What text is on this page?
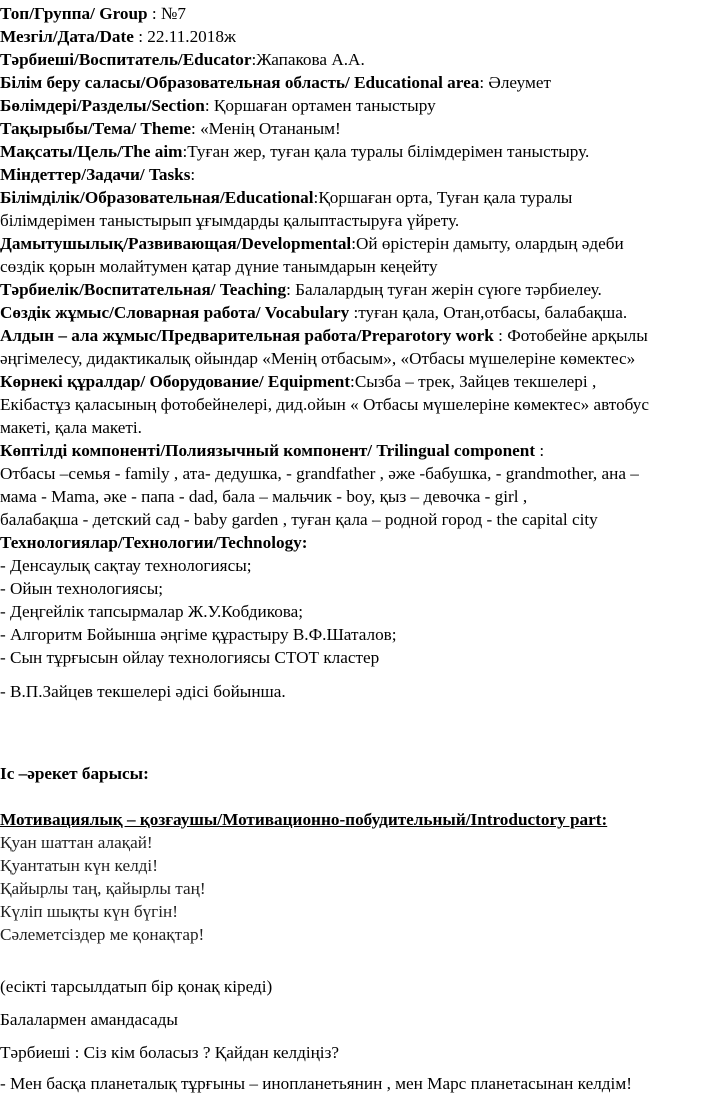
Топ/Группа/ Group : №7
Мезгіл/Дата/Date : 22.11.2018ж
Тәрбиеші/Воспитатель/Educator:Жапакова А.А.
Білім беру саласы/Образовательная область/ Educational area: Әлеумет
Бөлімдері/Разделы/Section: Қоршаған ортамен таныстыру
Тақырыбы/Тема/ Theme: «Менің Отананым!
Мақсаты/Цель/The aim:Туған жер, туған қала туралы білімдерімен таныстыру.
Міндеттер/Задачи/ Tasks:
Білімділік/Образовательная/Educational:Қоршаған орта, Туған қала туралы
білімдерімен таныстырып ұғымдарды қалыптастыруға үйрету.
Дамытушылық/Развивающая/Developmental:Ой өрістерін дамыту, олардың әдеби
сөздік қорын молайтумен қатар дүние танымдарын кеңейту
Тәрбиелік/Воспитательная/ Teaching: Балалардың туған жерін сүюге тәрбиелеу.
Сөздік жұмыс/Словарная работа/ Vocabulary :туған қала, Отан,отбасы, балабақша.
Алдын – ала жұмыс/Предварительная работа/Preparotory work : Фотобейне арқылы
әңгімелесу, дидактикалық ойындар «Менің отбасым», «Отбасы мүшелеріне көмектес»
Көрнекі құралдар/ Оборудование/ Equipment:Сызба – трек, Зайцев текшелері ,
Екібастұз қаласының фотобейнелері, дид.ойын « Отбасы мүшелеріне көмектес» автобус
макеті, қала макеті.
Көптілді компоненті/Полиязычный компонент/ Trilingual component :
Отбасы –семья - family , ата- дедушка, - grandfather , әже -бабушка, - grandmother, ана –
мама - Mama, әке - папа - dad, бала – мальчик - boy, қыз – девочка - girl ,
балабақша - детский сад - baby garden , туған қала – родной город - the capital city
Технологиялар/Технологии/Technology:
- Денсаулық сақтау технологиясы;
- Ойын технологиясы;
- Деңгейлік тапсырмалар Ж.У.Кобдикова;
- Алгоритм Бойынша әңгіме құрастыру В.Ф.Шаталов;
- Сын тұрғысын ойлау технологиясы СТОТ кластер
- В.П.Зайцев текшелері әдісі бойынша.
Іс –әрекет барысы:
Мотивациялық – қозғаушы/Мотивационно-побудительный/Introductory part:
Қуан шаттан алақай!
Қуантатын күн келді!
Қайырлы таң, қайырлы таң!
Күліп шықты күн бүгін!
Сәлеметсіздер ме қонақтар!
(есікті тарсылдатып бір қонақ кіреді)
Балалармен амандасады
Тәрбиеші : Сіз кім боласыз ? Қайдан келдіңіз?
- Мен басқа планеталық тұрғыны – инопланетьянин , мен Марс планетасынан келдім!
